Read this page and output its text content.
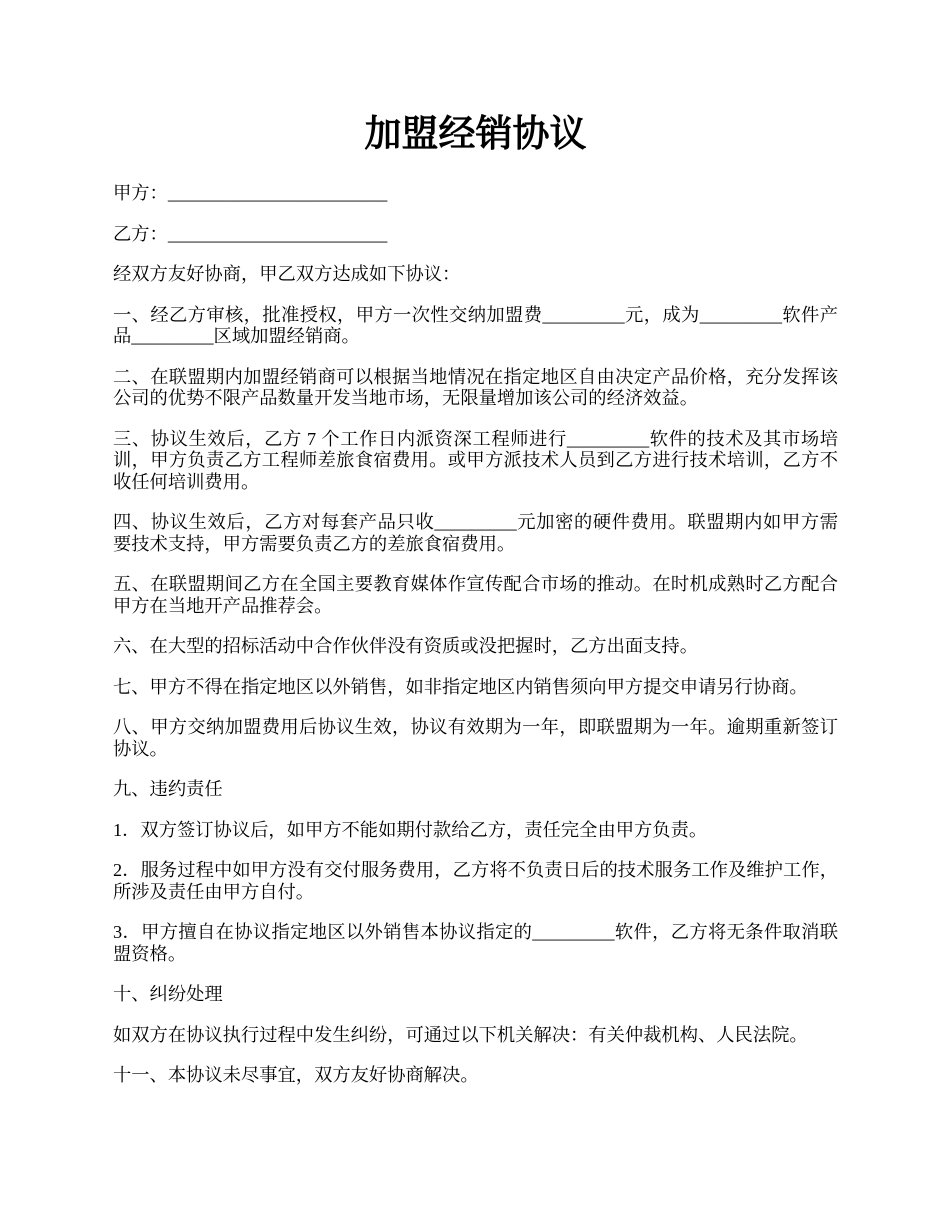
加盟经销协议
甲方：________________________
乙方：________________________
经双方友好协商，甲乙双方达成如下协议：
一、经乙方审核，批准授权，甲方一次性交纳加盟费_________元，成为_________软件产
品_________区域加盟经销商。
二、在联盟期内加盟经销商可以根据当地情况在指定地区自由决定产品价格，充分发挥该
公司的优势不限产品数量开发当地市场，无限量增加该公司的经济效益。
三、协议生效后，乙方 7 个工作日内派资深工程师进行_________软件的技术及其市场培
训，甲方负责乙方工程师差旅食宿费用。或甲方派技术人员到乙方进行技术培训，乙方不
收任何培训费用。
四、协议生效后，乙方对每套产品只收_________元加密的硬件费用。联盟期内如甲方需
要技术支持，甲方需要负责乙方的差旅食宿费用。
五、在联盟期间乙方在全国主要教育媒体作宣传配合市场的推动。在时机成熟时乙方配合
甲方在当地开产品推荐会。
六、在大型的招标活动中合作伙伴没有资质或没把握时，乙方出面支持。
七、甲方不得在指定地区以外销售，如非指定地区内销售须向甲方提交申请另行协商。
八、甲方交纳加盟费用后协议生效，协议有效期为一年，即联盟期为一年。逾期重新签订
协议。
九、违约责任
1．双方签订协议后，如甲方不能如期付款给乙方，责任完全由甲方负责。
2．服务过程中如甲方没有交付服务费用，乙方将不负责日后的技术服务工作及维护工作，
所涉及责任由甲方自付。
3．甲方擅自在协议指定地区以外销售本协议指定的_________软件，乙方将无条件取消联
盟资格。
十、纠纷处理
如双方在协议执行过程中发生纠纷，可通过以下机关解决：有关仲裁机构、人民法院。
十一、本协议未尽事宜，双方友好协商解决。
